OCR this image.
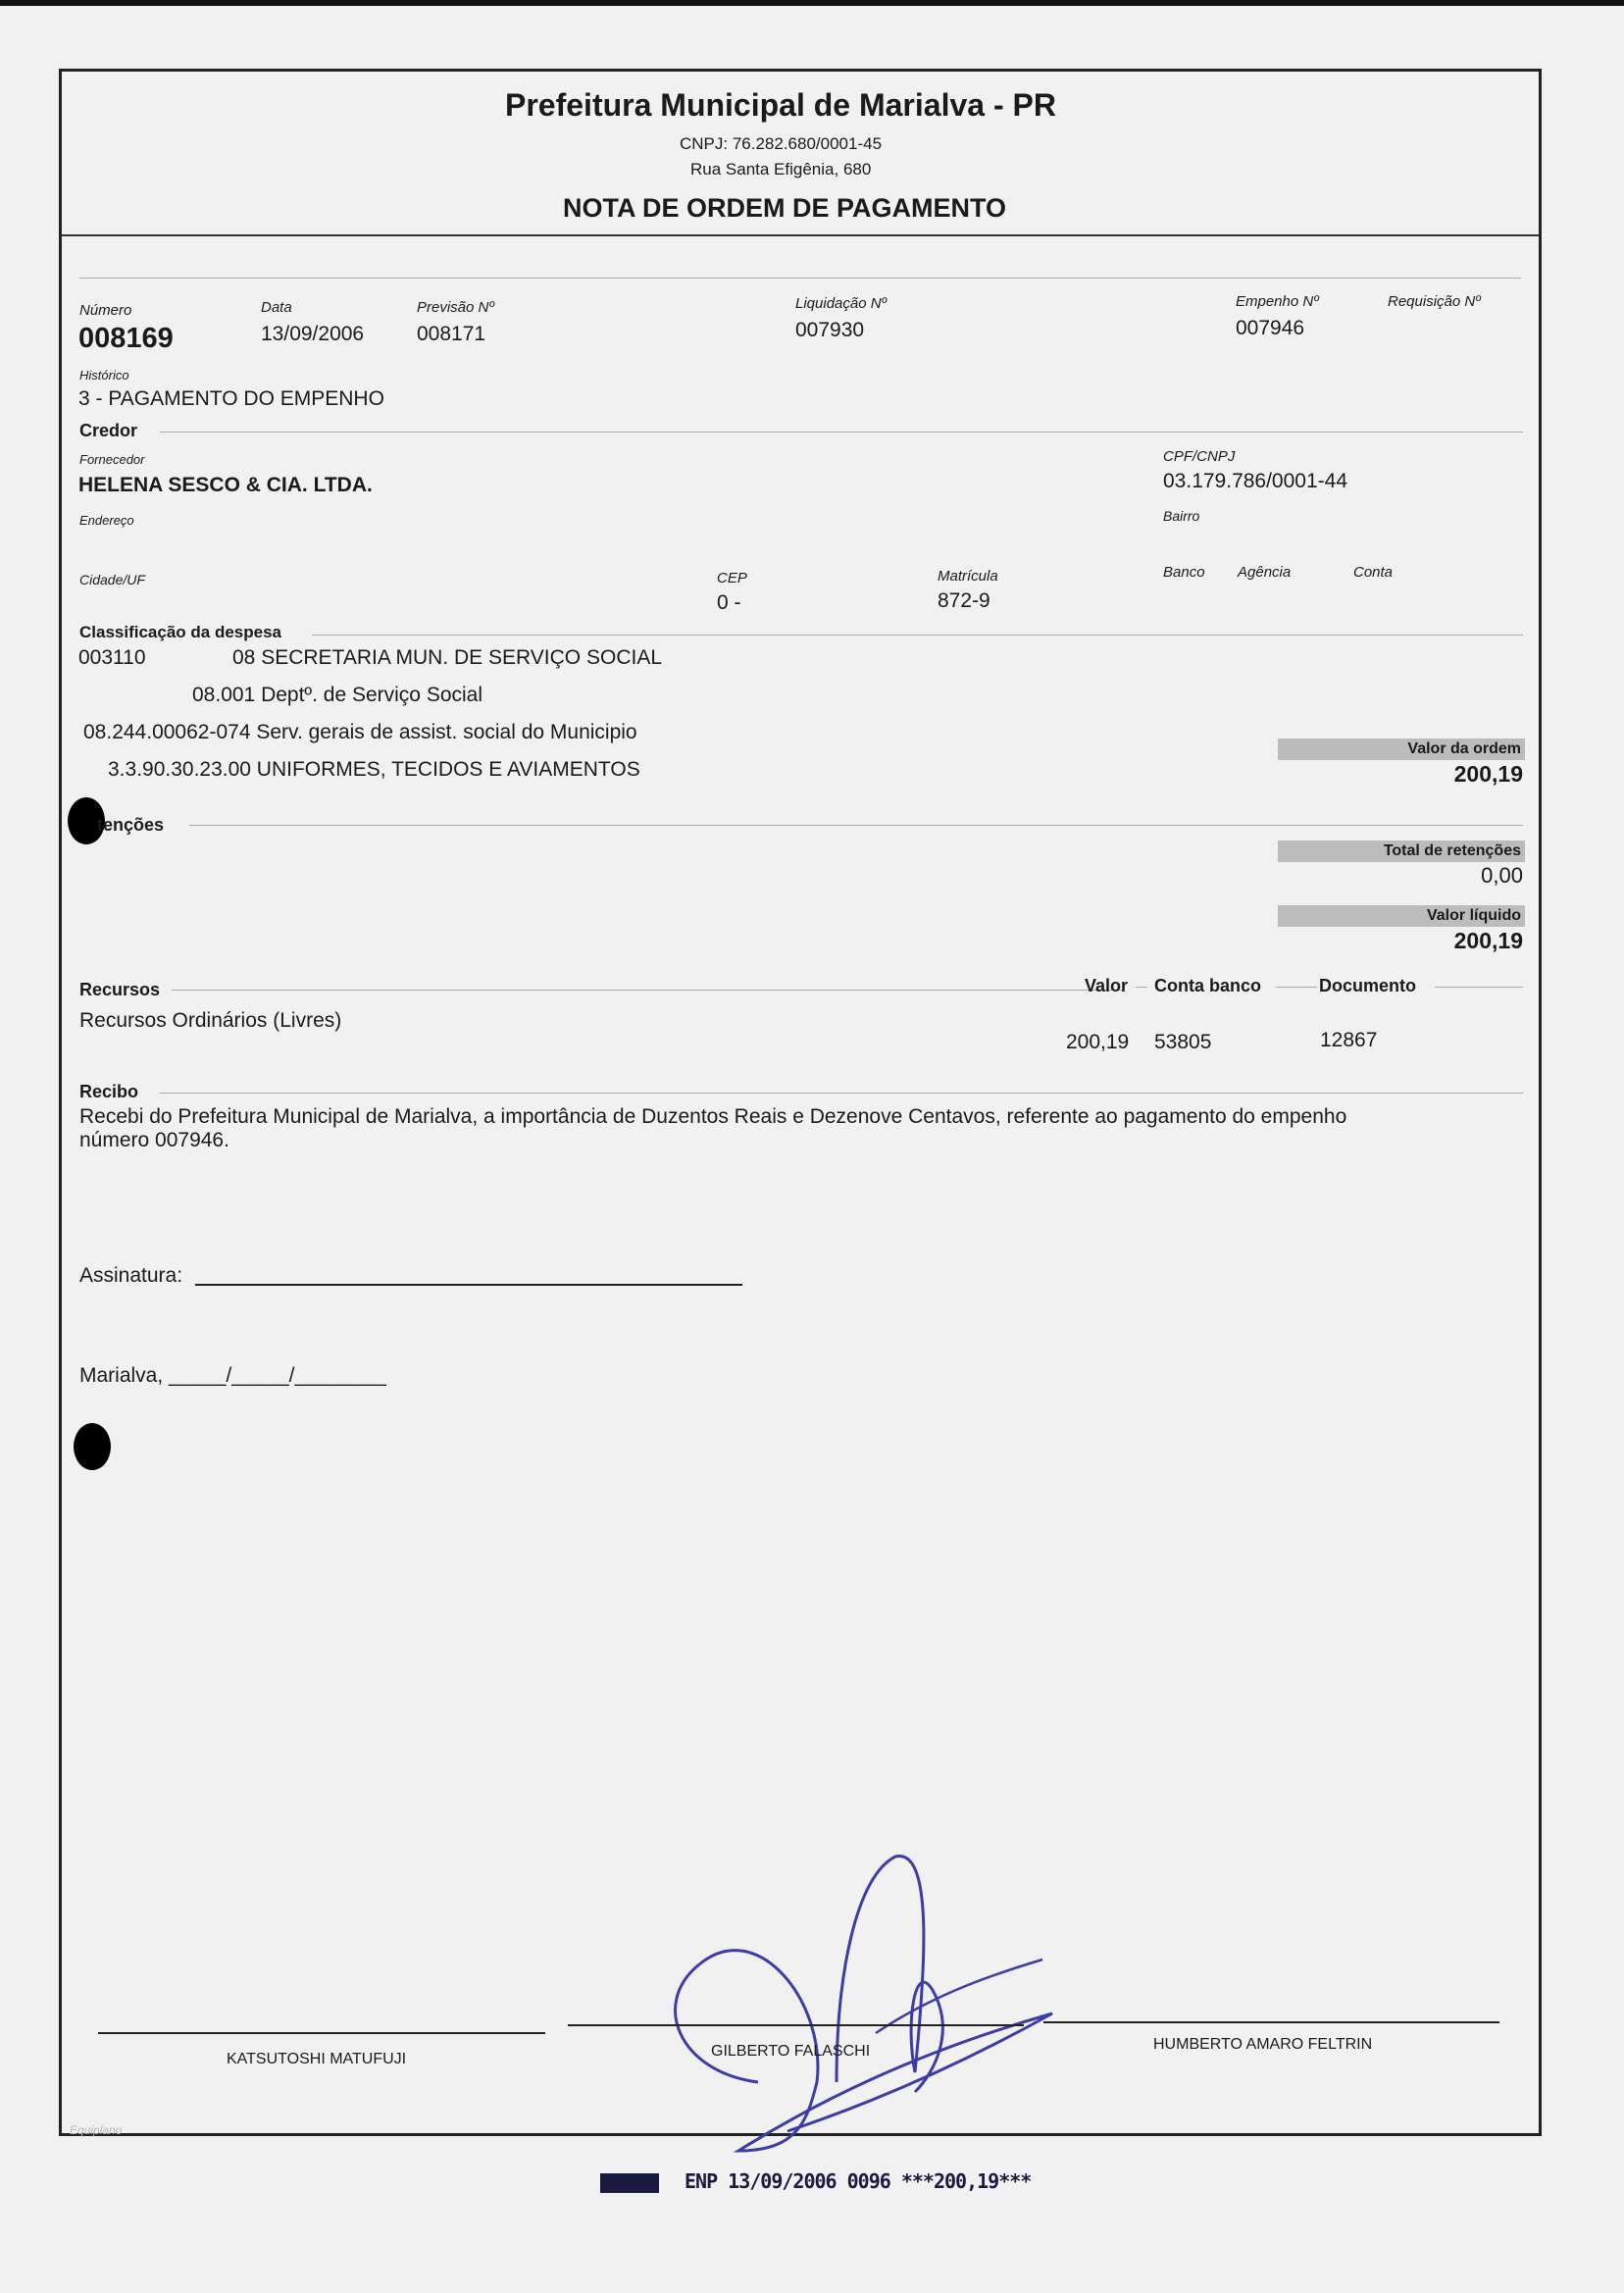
Prefeitura Municipal de Marialva - PR
CNPJ: 76.282.680/0001-45
Rua Santa Efigênia, 680
NOTA DE ORDEM DE PAGAMENTO
Número
008169
Data
13/09/2006
Previsão Nº
008171
Liquidação Nº
007930
Empenho Nº
007946
Requisição Nº
Histórico
3 - PAGAMENTO DO EMPENHO
Credor
Fornecedor
HELENA SESCO & CIA. LTDA.
CPF/CNPJ
03.179.786/0001-44
Endereço	Bairro
Cidade/UF	CEP
0 -
Matrícula
872-9
Banco Agência	Conta
Classificação da despesa
003110	08 SECRETARIA MUN. DE SERVIÇO SOCIAL
08.001 Deptº. de Serviço Social
08.244.00062-074 Serv. gerais de assist. social do Municipio
3.3.90.30.23.00 UNIFORMES, TECIDOS E AVIAMENTOS
Valor da ordem
200,19
tenções
Total de retenções
0,00
Valor líquido
200,19
Recursos	Valor Conta banco	Documento
Recursos Ordinários (Livres)
200,19 53805	12867
Recibo
Recebi do Prefeitura Municipal de Marialva, a importância de Duzentos Reais e Dezenove Centavos, referente ao pagamento do empenho
número 007946.
Assinatura:
Marialva, _____/_____/________
KATSUTOSHI MATUFUJI	GILBERTO FALASCHI	HUMBERTO AMARO FELTRIN
Equiplano
ENP 13/09/2006 0096 ***200,19***
